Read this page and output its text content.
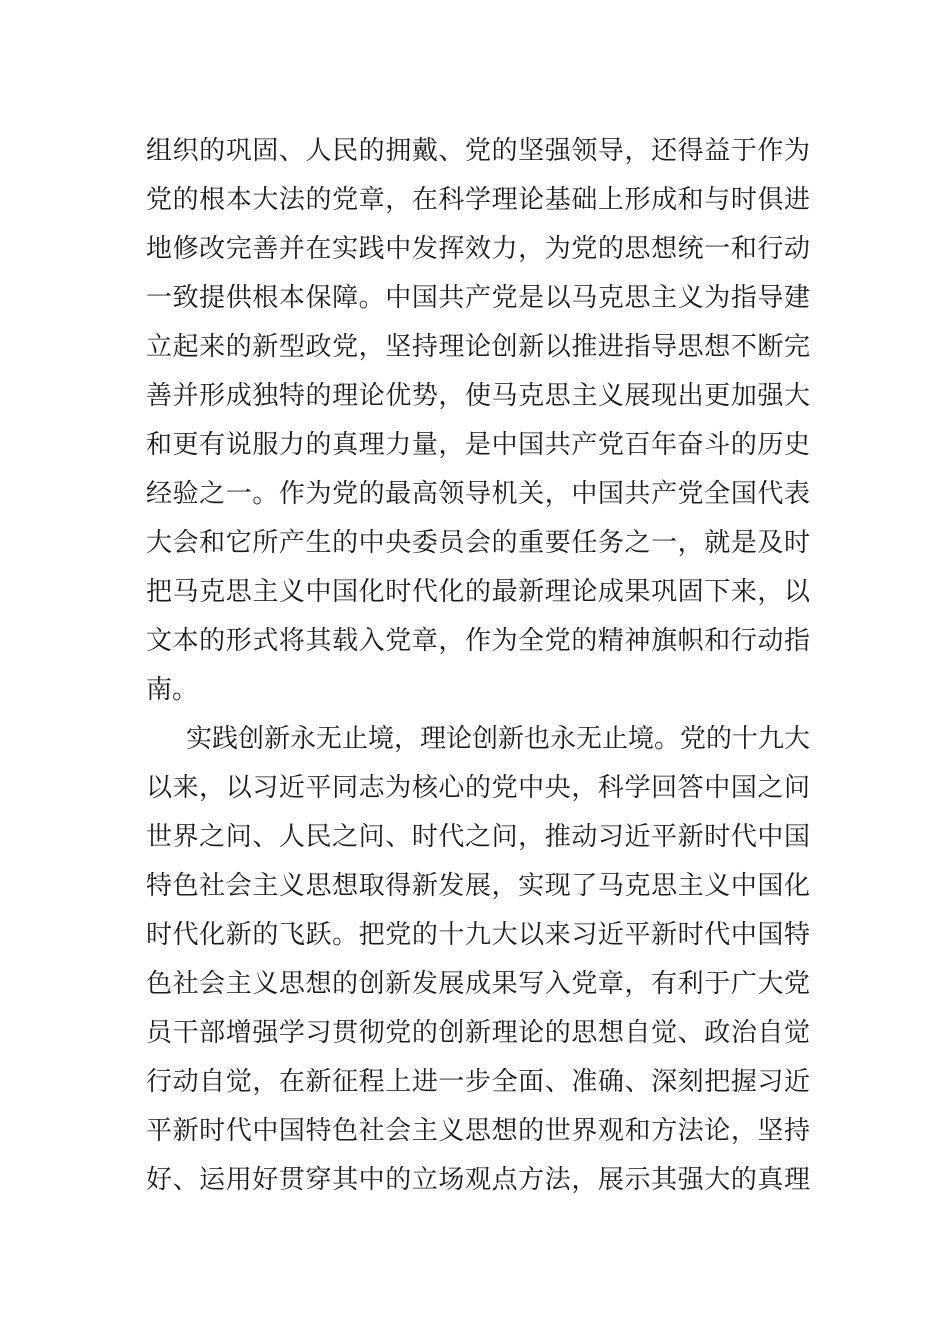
组织的巩固、人民的拥戴、党的坚强领导，还得益于作为
党的根本大法的党章，在科学理论基础上形成和与时俱进
地修改完善并在实践中发挥效力，为党的思想统一和行动
一致提供根本保障。中国共产党是以马克思主义为指导建
立起来的新型政党，坚持理论创新以推进指导思想不断完
善并形成独特的理论优势，使马克思主义展现出更加强大
和更有说服力的真理力量，是中国共产党百年奋斗的历史
经验之一。作为党的最高领导机关，中国共产党全国代表
大会和它所产生的中央委员会的重要任务之一，就是及时
把马克思主义中国化时代化的最新理论成果巩固下来，以
文本的形式将其载入党章，作为全党的精神旗帜和行动指
南。
实践创新永无止境，理论创新也永无止境。党的十九大
以来，以习近平同志为核心的党中央，科学回答中国之问
世界之问、人民之问、时代之问，推动习近平新时代中国
特色社会主义思想取得新发展，实现了马克思主义中国化
时代化新的飞跃。把党的十九大以来习近平新时代中国特
色社会主义思想的创新发展成果写入党章，有利于广大党
员干部增强学习贯彻党的创新理论的思想自觉、政治自觉
行动自觉，在新征程上进一步全面、准确、深刻把握习近
平新时代中国特色社会主义思想的世界观和方法论，坚持
好、运用好贯穿其中的立场观点方法，展示其强大的真理
